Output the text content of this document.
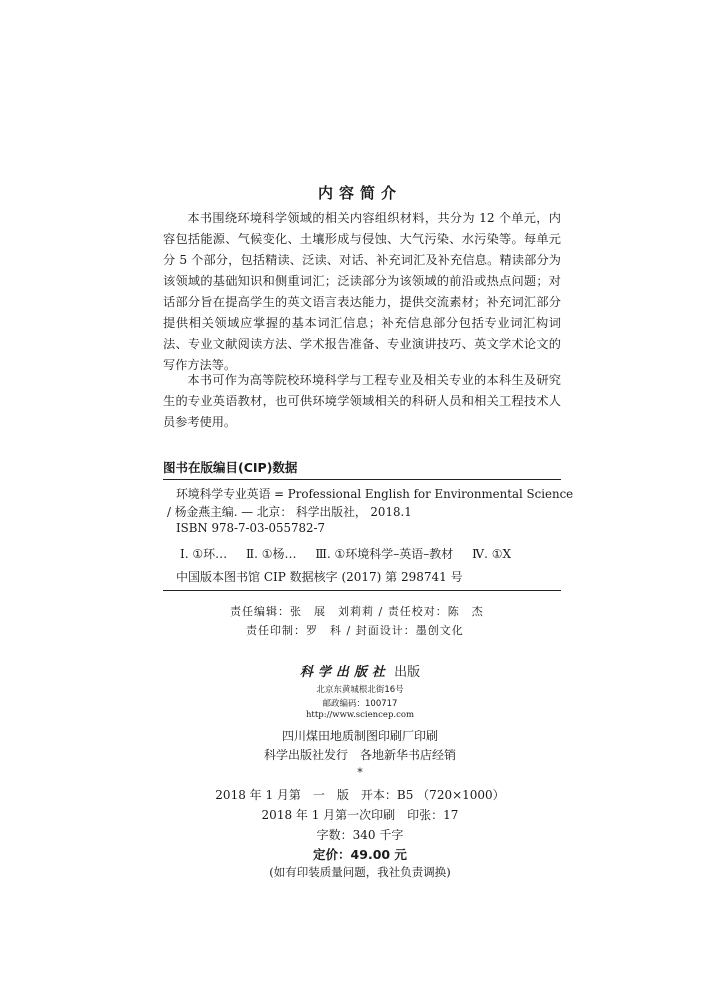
内容简介

本书围绕环境科学领域的相关内容组织材料，共分为 12 个单元，内容包括能源、气候变化、土壤形成与侵蚀、大气污染、水污染等。每单元分 5 个部分，包括精读、泛读、对话、补充词汇及补充信息。精读部分为该领域的基础知识和侧重词汇；泛读部分为该领域的前沿或热点问题；对话部分旨在提高学生的英文语言表达能力，提供交流素材；补充词汇部分提供相关领域应掌握的基本词汇信息；补充信息部分包括专业词汇构词法、专业文献阅读方法、学术报告准备、专业演讲技巧、英文学术论文的写作方法等。

本书可作为高等院校环境科学与工程专业及相关专业的本科生及研究生的专业英语教材，也可供环境学领域相关的科研人员和相关工程技术人员参考使用。

图书在版编目(CIP)数据
环境科学专业英语 = Professional English for Environmental Science
/ 杨金燕主编. — 北京： 科学出版社， 2018.1
ISBN 978-7-03-055782-7
Ⅰ. ①环… Ⅱ. ①杨… Ⅲ. ①环境科学–英语–教材 Ⅳ. ①X
中国版本图书馆 CIP 数据核字 (2017) 第 298741 号
责任编辑：张　展　刘莉莉 / 责任校对：陈　杰
责任印制：罗　科 / 封面设计：墨创文化
科学出版社 出版
北京东黄城根北街16号
邮政编码：100717
http://www.sciencep.com
四川煤田地质制图印刷厂印刷
科学出版社发行　各地新华书店经销
*
2018 年 1 月第　一　版　开本：B5 （720×1000）
2018 年 1 月第一次印刷　印张：17
字数：340 千字
定价：49.00 元
(如有印装质量问题，我社负责调换)
